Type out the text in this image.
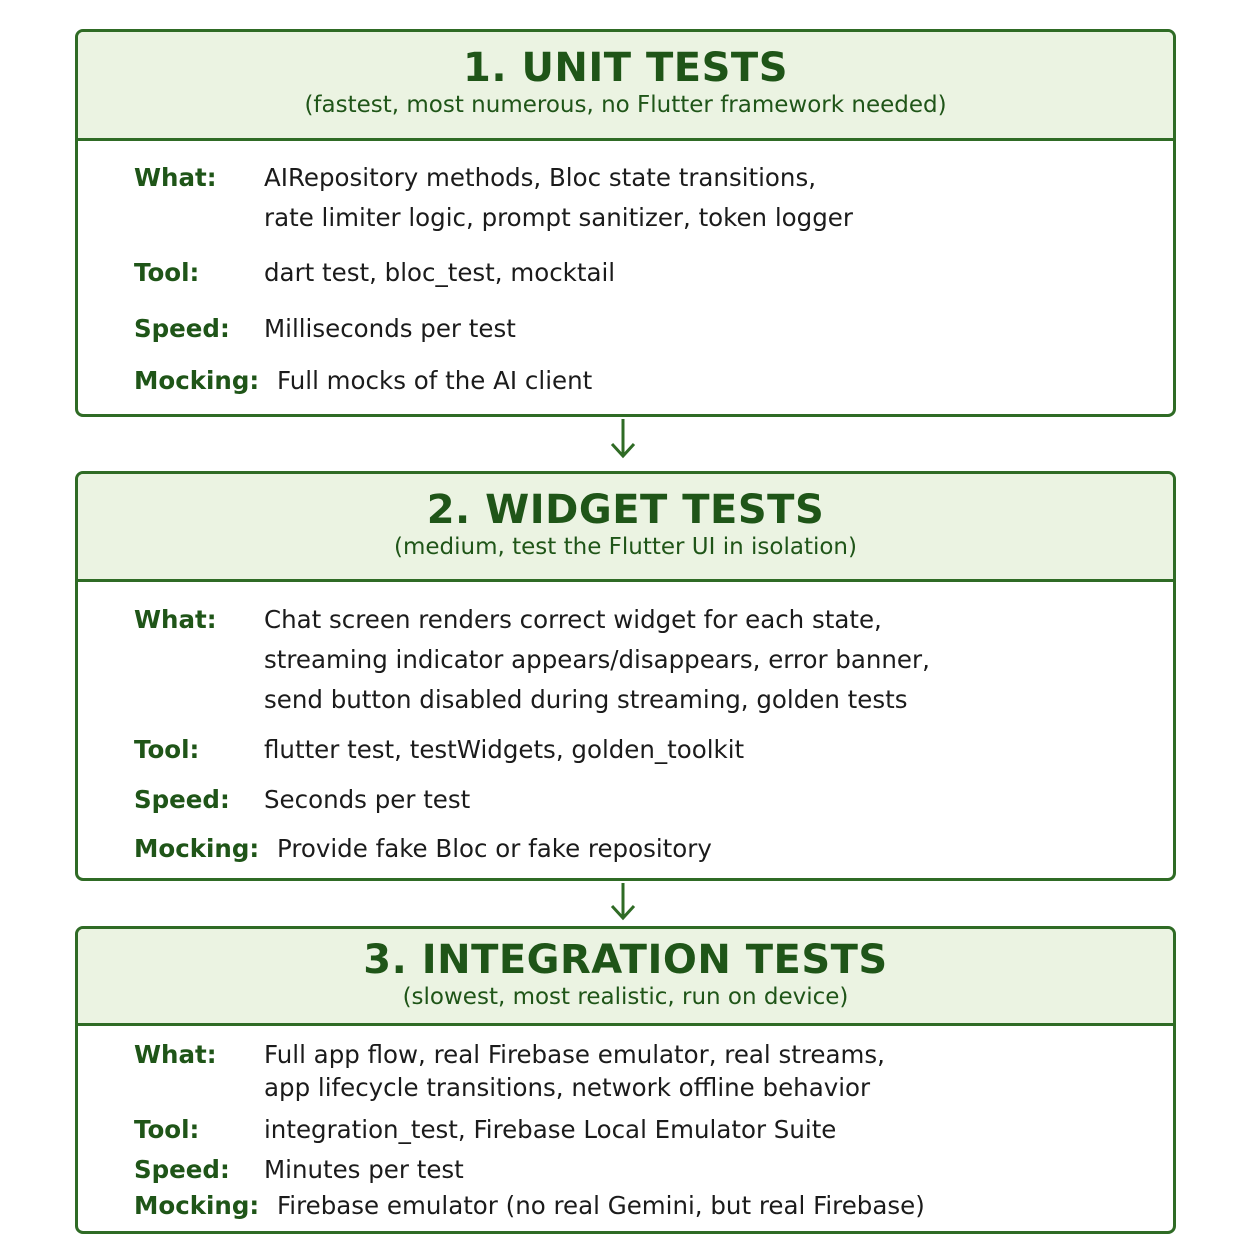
1. UNIT TESTS
(fastest, most numerous, no Flutter framework needed)
What: AIRepository methods, Bloc state transitions,
rate limiter logic, prompt sanitizer, token logger
Tool:	dart test, bloc_test, mocktail
Speed: Milliseconds per test
Mocking: Full mocks of the AI client
2. WIDGET TESTS
(medium, test the Flutter UI in isolation)
What: Chat screen renders correct widget for each state,
streaming indicator appears/disappears, error banner,
send button disabled during streaming, golden tests
Tool:	flutter test, testWidgets, golden_toolkit
Speed: Seconds per test
Mocking: Provide fake Bloc or fake repository
3. INTEGRATION TESTS
(slowest, most realistic, run on device)
What: Full app flow, real Firebase emulator, real streams,
app lifecycle transitions, network offline behavior
Tool:	integration_test, Firebase Local Emulator Suite
Speed: Minutes per test
Mocking: Firebase emulator (no real Gemini, but real Firebase)
